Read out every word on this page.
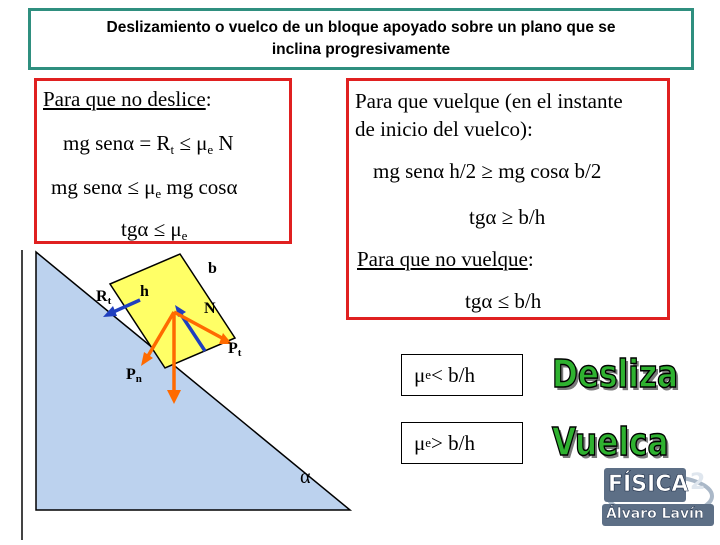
Deslizamiento o vuelco de un bloque apoyado sobre un plano que se inclina progresivamente
Para que vuelque (en el instante
de inicio del vuelco):
mg senα h/2 ≥ mg cosα b/2
tgα ≥ b/h
Para que no vuelque:
tgα ≤ b/h
b
h
$R_t$	N
$P_t$
$P_n$
α
Para que no deslice:
mg $sen\alpha = R_t \le \mu_e$ N
mg $sen\alpha \le \mu_e$ mg cosα
$tg\alpha \le \mu_e$
μ e < b/h
μ e > b/h
Desliza
Vuelca
FÍSICA 2
Álvaro Lavín
